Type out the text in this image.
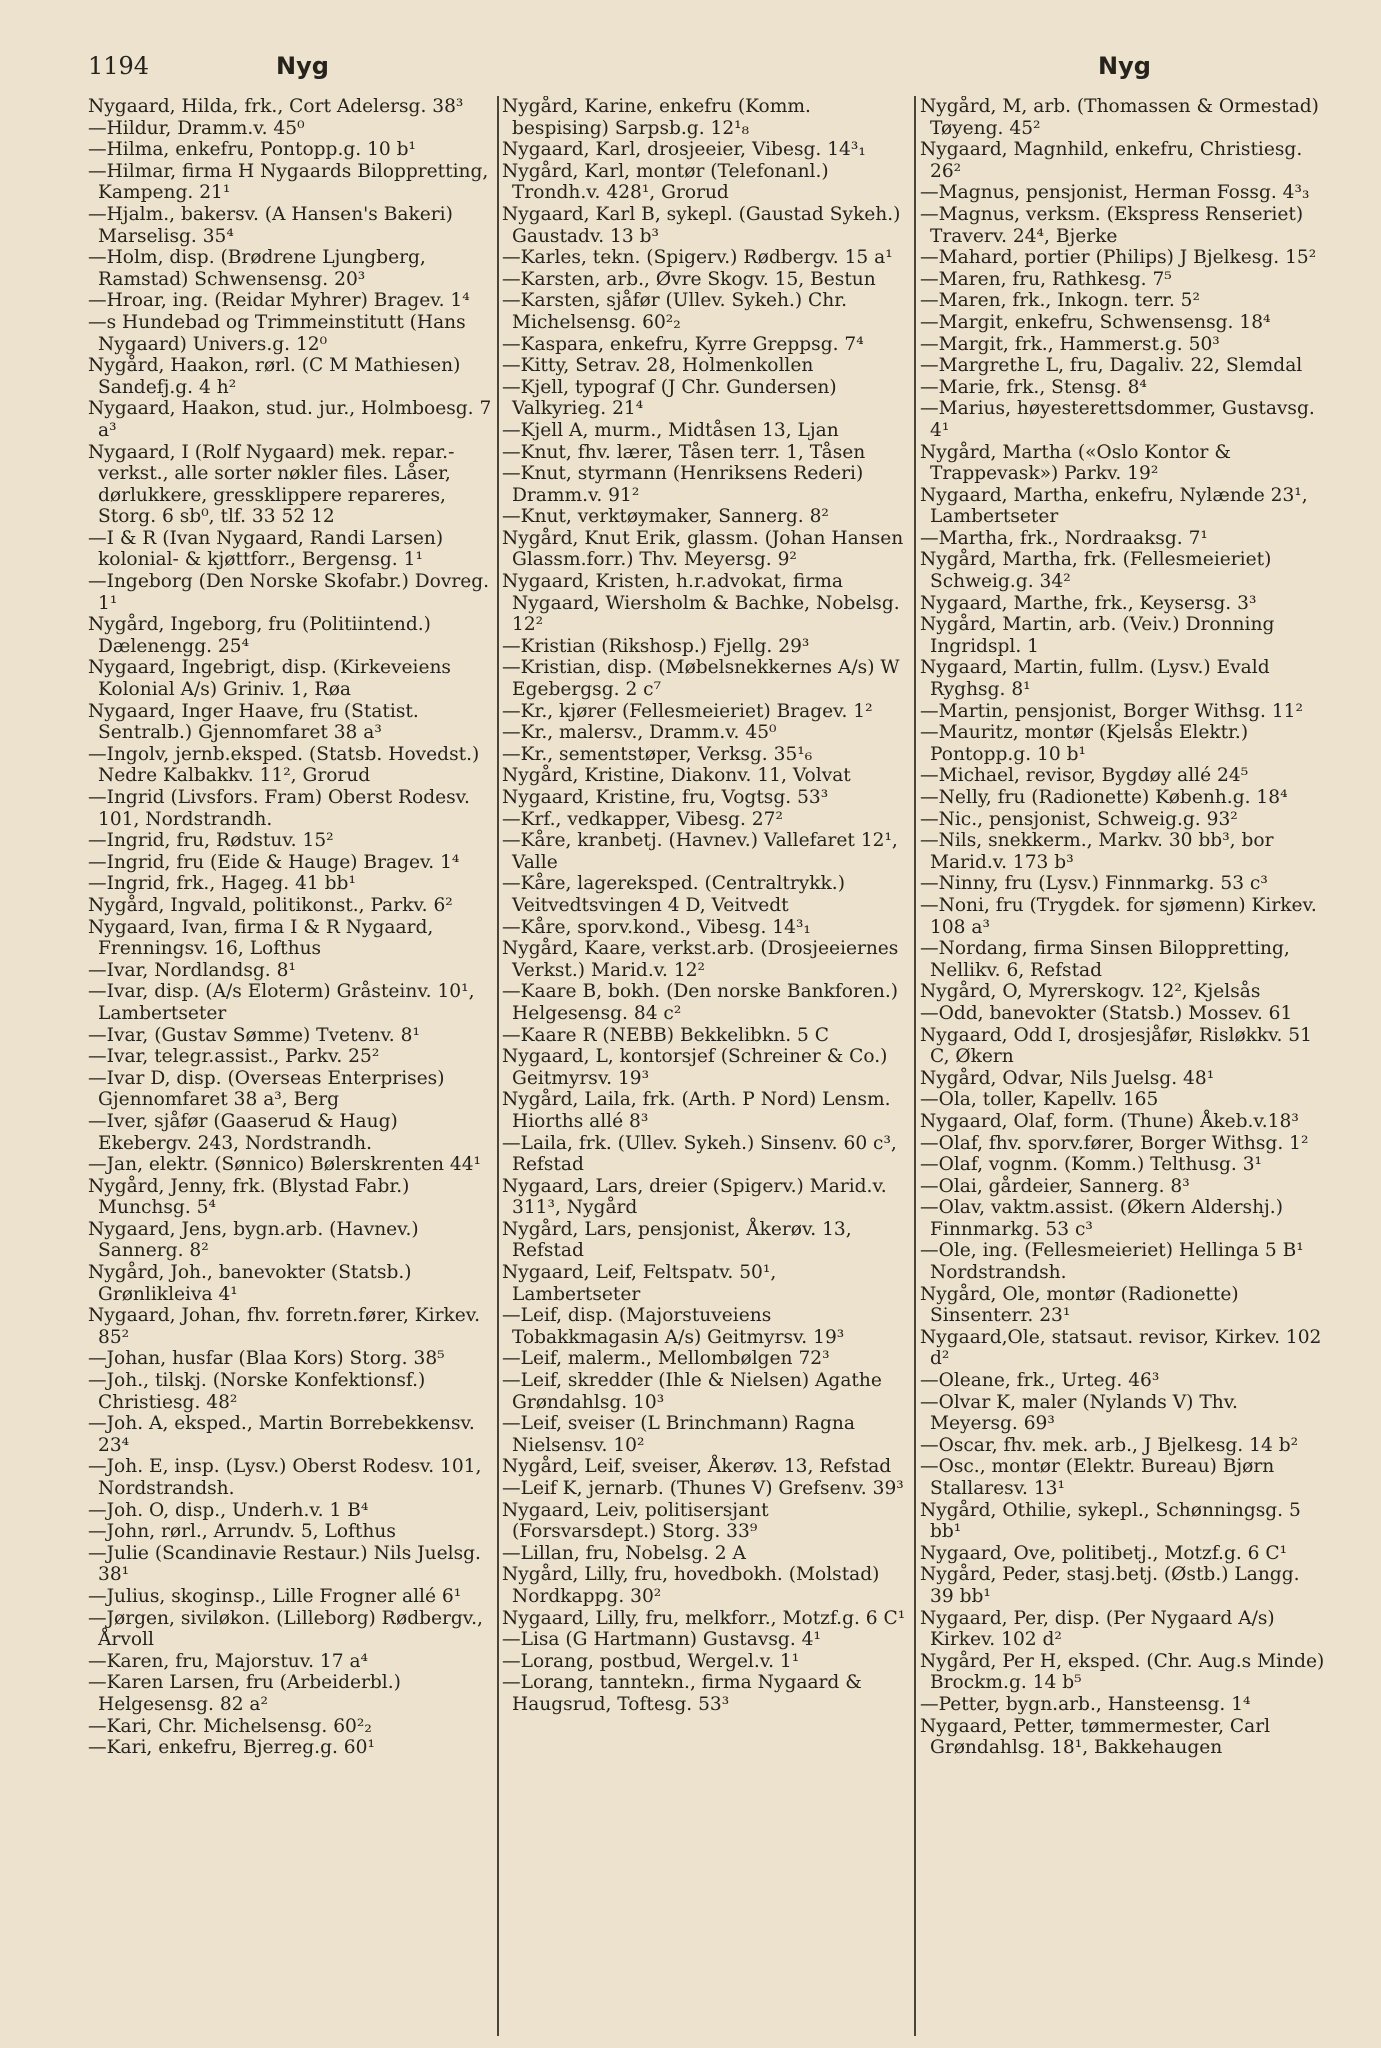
1194	Nyg	Nyg

Nygaard, Hilda, frk., Cort Adelersg. 38³

—Hildur, Dramm.v. 45⁰

—Hilma, enkefru, Pontopp.g. 10 b¹

—Hilmar, firma H Nygaards Biloppretting, Kampeng. 21¹

—Hjalm., bakersv. (A Hansen's Bakeri) Marselisg. 35⁴

—Holm, disp. (Brødrene Ljungberg, Ramstad) Schwensensg. 20³

—Hroar, ing. (Reidar Myhrer) Bragev. 1⁴

—s Hundebad og Trimmeinstitutt (Hans Nygaard) Univers.g. 12⁰

Nygård, Haakon, rørl. (C M Mathiesen) Sandefj.g. 4 h²

Nygaard, Haakon, stud. jur., Holmboesg. 7 a³

Nygaard, I (Rolf Nygaard) mek. repar.-verkst., alle sorter nøkler files. Låser, dørlukkere, gressklippere repareres, Storg. 6 sb⁰, tlf. 33 52 12

—I & R (Ivan Nygaard, Randi Larsen) kolonial- & kjøttforr., Bergensg. 1¹

—Ingeborg (Den Norske Skofabr.) Dovreg. 1¹

Nygård, Ingeborg, fru (Politiintend.) Dælenengg. 25⁴

Nygaard, Ingebrigt, disp. (Kirkeveiens Kolonial A/s) Griniv. 1, Røa

Nygaard, Inger Haave, fru (Statist. Sentralb.) Gjennomfaret 38 a³

—Ingolv, jernb.eksped. (Statsb. Hovedst.) Nedre Kalbakkv. 11², Grorud

—Ingrid (Livsfors. Fram) Oberst Rodesv. 101, Nordstrandh.

—Ingrid, fru, Rødstuv. 15²

—Ingrid, fru (Eide & Hauge) Bragev. 1⁴

—Ingrid, frk., Hageg. 41 bb¹

Nygård, Ingvald, politikonst., Parkv. 6²

Nygaard, Ivan, firma I & R Nygaard, Frenningsv. 16, Lofthus

—Ivar, Nordlandsg. 8¹

—Ivar, disp. (A/s Eloterm) Gråsteinv. 10¹, Lambertseter

—Ivar, (Gustav Sømme) Tvetenv. 8¹

—Ivar, telegr.assist., Parkv. 25²

—Ivar D, disp. (Overseas Enterprises) Gjennomfaret 38 a³, Berg

—Iver, sjåfør (Gaaserud & Haug) Ekebergv. 243, Nordstrandh.

—Jan, elektr. (Sønnico) Bølerskrenten 44¹

Nygård, Jenny, frk. (Blystad Fabr.) Munchsg. 5⁴

Nygaard, Jens, bygn.arb. (Havnev.) Sannerg. 8²

Nygård, Joh., banevokter (Statsb.) Grønlikleiva 4¹

Nygaard, Johan, fhv. forretn.fører, Kirkev. 85²

—Johan, husfar (Blaa Kors) Storg. 38⁵

—Joh., tilskj. (Norske Konfektionsf.) Christiesg. 48²

—Joh. A, eksped., Martin Borrebekkensv. 23⁴

—Joh. E, insp. (Lysv.) Oberst Rodesv. 101, Nordstrandsh.

—Joh. O, disp., Underh.v. 1 B⁴

—John, rørl., Arrundv. 5, Lofthus

—Julie (Scandinavie Restaur.) Nils Juelsg. 38¹

—Julius, skoginsp., Lille Frogner allé 6¹

—Jørgen, siviløkon. (Lilleborg) Rødbergv., Årvoll

—Karen, fru, Majorstuv. 17 a⁴

—Karen Larsen, fru (Arbeiderbl.) Helgesensg. 82 a²

—Kari, Chr. Michelsensg. 60²₂

—Kari, enkefru, Bjerreg.g. 60¹

Nygård, Karine, enkefru (Komm. bespising) Sarpsb.g. 12¹₈

Nygaard, Karl, drosjeeier, Vibesg. 14³₁

Nygård, Karl, montør (Telefonanl.) Trondh.v. 428¹, Grorud

Nygaard, Karl B, sykepl. (Gaustad Sykeh.) Gaustadv. 13 b³

—Karles, tekn. (Spigerv.) Rødbergv. 15 a¹

—Karsten, arb., Øvre Skogv. 15, Bestun

—Karsten, sjåfør (Ullev. Sykeh.) Chr. Michelsensg. 60²₂

—Kaspara, enkefru, Kyrre Greppsg. 7⁴

—Kitty, Setrav. 28, Holmenkollen

—Kjell, typograf (J Chr. Gundersen) Valkyrieg. 21⁴

—Kjell A, murm., Midtåsen 13, Ljan

—Knut, fhv. lærer, Tåsen terr. 1, Tåsen

—Knut, styrmann (Henriksens Rederi) Dramm.v. 91²

—Knut, verktøymaker, Sannerg. 8²

Nygård, Knut Erik, glassm. (Johan Hansen Glassm.forr.) Thv. Meyersg. 9²

Nygaard, Kristen, h.r.advokat, firma Nygaard, Wiersholm & Bachke, Nobelsg. 12²

—Kristian (Rikshosp.) Fjellg. 29³

—Kristian, disp. (Møbelsnekkernes A/s) W Egebergsg. 2 c⁷

—Kr., kjører (Fellesmeieriet) Bragev. 1²

—Kr., malersv., Dramm.v. 45⁰

—Kr., sementstøper, Verksg. 35¹₆

Nygård, Kristine, Diakonv. 11, Volvat

Nygaard, Kristine, fru, Vogtsg. 53³

—Krf., vedkapper, Vibesg. 27²

—Kåre, kranbetj. (Havnev.) Vallefaret 12¹, Valle

—Kåre, lagereksped. (Centraltrykk.) Veitvedtsvingen 4 D, Veitvedt

—Kåre, sporv.kond., Vibesg. 14³₁

Nygård, Kaare, verkst.arb. (Drosjeeiernes Verkst.) Marid.v. 12²

—Kaare B, bokh. (Den norske Bankforen.) Helgesensg. 84 c²

—Kaare R (NEBB) Bekkelibkn. 5 C

Nygaard, L, kontorsjef (Schreiner & Co.) Geitmyrsv. 19³

Nygård, Laila, frk. (Arth. P Nord) Lensm. Hiorths allé 8³

—Laila, frk. (Ullev. Sykeh.) Sinsenv. 60 c³, Refstad

Nygaard, Lars, dreier (Spigerv.) Marid.v. 311³, Nygård

Nygård, Lars, pensjonist, Åkerøv. 13, Refstad

Nygaard, Leif, Feltspatv. 50¹, Lambertseter

—Leif, disp. (Majorstuveiens Tobakkmagasin A/s) Geitmyrsv. 19³

—Leif, malerm., Mellombølgen 72³

—Leif, skredder (Ihle & Nielsen) Agathe Grøndahlsg. 10³

—Leif, sveiser (L Brinchmann) Ragna Nielsensv. 10²

Nygård, Leif, sveiser, Åkerøv. 13, Refstad

—Leif K, jernarb. (Thunes V) Grefsenv. 39³

Nygaard, Leiv, politisersjant (Forsvarsdept.) Storg. 33⁹

—Lillan, fru, Nobelsg. 2 A

Nygård, Lilly, fru, hovedbokh. (Molstad) Nordkappg. 30²

Nygaard, Lilly, fru, melkforr., Motzf.g. 6 C¹

—Lisa (G Hartmann) Gustavsg. 4¹

—Lorang, postbud, Wergel.v. 1¹

—Lorang, tanntekn., firma Nygaard & Haugsrud, Toftesg. 53³

Nygård, M, arb. (Thomassen & Ormestad) Tøyeng. 45²

Nygaard, Magnhild, enkefru, Christiesg. 26²

—Magnus, pensjonist, Herman Fossg. 4³₃

—Magnus, verksm. (Ekspress Renseriet) Traverv. 24⁴, Bjerke

—Mahard, portier (Philips) J Bjelkesg. 15²

—Maren, fru, Rathkesg. 7⁵

—Maren, frk., Inkogn. terr. 5²

—Margit, enkefru, Schwensensg. 18⁴

—Margit, frk., Hammerst.g. 50³

—Margrethe L, fru, Dagaliv. 22, Slemdal

—Marie, frk., Stensg. 8⁴

—Marius, høyesterettsdommer, Gustavsg. 4¹

Nygård, Martha («Oslo Kontor & Trappevask») Parkv. 19²

Nygaard, Martha, enkefru, Nylænde 23¹, Lambertseter

—Martha, frk., Nordraaksg. 7¹

Nygård, Martha, frk. (Fellesmeieriet) Schweig.g. 34²

Nygaard, Marthe, frk., Keysersg. 3³

Nygård, Martin, arb. (Veiv.) Dronning Ingridspl. 1

Nygaard, Martin, fullm. (Lysv.) Evald Ryghsg. 8¹

—Martin, pensjonist, Borger Withsg. 11²

—Mauritz, montør (Kjelsås Elektr.) Pontopp.g. 10 b¹

—Michael, revisor, Bygdøy allé 24⁵

—Nelly, fru (Radionette) Københ.g. 18⁴

—Nic., pensjonist, Schweig.g. 93²

—Nils, snekkerm., Markv. 30 bb³, bor Marid.v. 173 b³

—Ninny, fru (Lysv.) Finnmarkg. 53 c³

—Noni, fru (Trygdek. for sjømenn) Kirkev. 108 a³

—Nordang, firma Sinsen Biloppretting, Nellikv. 6, Refstad

Nygård, O, Myrerskogv. 12², Kjelsås

—Odd, banevokter (Statsb.) Mossev. 61

Nygaard, Odd I, drosjesjåfør, Risløkkv. 51 C, Økern

Nygård, Odvar, Nils Juelsg. 48¹

—Ola, toller, Kapellv. 165

Nygaard, Olaf, form. (Thune) Åkeb.v.18³

—Olaf, fhv. sporv.fører, Borger Withsg. 1²

—Olaf, vognm. (Komm.) Telthusg. 3¹

—Olai, gårdeier, Sannerg. 8³

—Olav, vaktm.assist. (Økern Aldershj.) Finnmarkg. 53 c³

—Ole, ing. (Fellesmeieriet) Hellinga 5 B¹ Nordstrandsh.

Nygård, Ole, montør (Radionette) Sinsenterr. 23¹

Nygaard,Ole, statsaut. revisor, Kirkev. 102 d²

—Oleane, frk., Urteg. 46³

—Olvar K, maler (Nylands V) Thv. Meyersg. 69³

—Oscar, fhv. mek. arb., J Bjelkesg. 14 b²

—Osc., montør (Elektr. Bureau) Bjørn Stallaresv. 13¹

Nygård, Othilie, sykepl., Schønningsg. 5 bb¹

Nygaard, Ove, politibetj., Motzf.g. 6 C¹

Nygård, Peder, stasj.betj. (Østb.) Langg. 39 bb¹

Nygaard, Per, disp. (Per Nygaard A/s) Kirkev. 102 d²

Nygård, Per H, eksped. (Chr. Aug.s Minde) Brockm.g. 14 b⁵

—Petter, bygn.arb., Hansteensg. 1⁴

Nygaard, Petter, tømmermester, Carl Grøndahlsg. 18¹, Bakkehaugen
